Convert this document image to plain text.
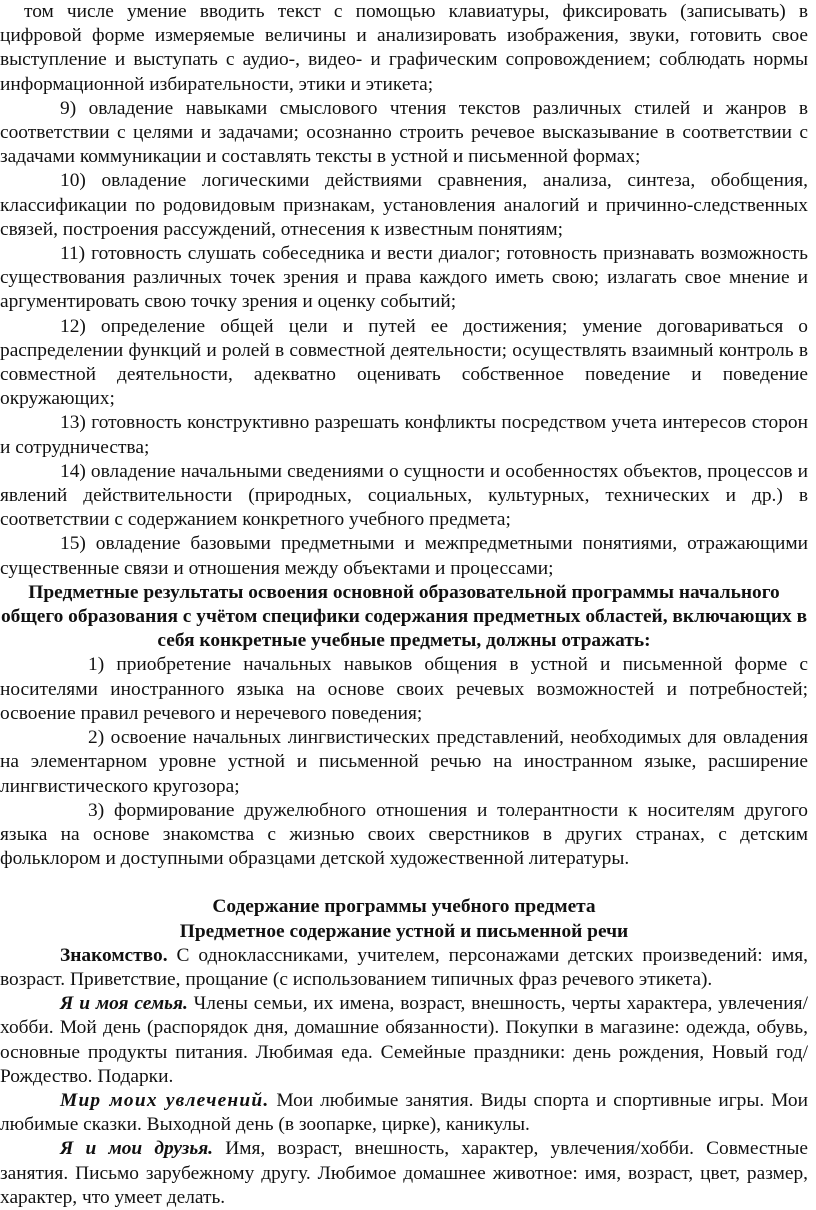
том числе умение вводить текст с помощью клавиатуры, фиксировать (записывать) в цифровой форме измеряемые величины и анализировать изображения, звуки, готовить свое выступление и выступать с аудио-, видео- и графическим сопровождением; соблюдать нормы информационной избирательности, этики и этикета;

9) овладение навыками смыслового чтения текстов различных стилей и жанров в соответствии с целями и задачами; осознанно строить речевое высказывание в соответствии с задачами коммуникации и составлять тексты в устной и письменной формах;

10) овладение логическими действиями сравнения, анализа, синтеза, обобщения, классификации по родовидовым признакам, установления аналогий и причинно-следственных связей, построения рассуждений, отнесения к известным понятиям;

11) готовность слушать собеседника и вести диалог; готовность признавать возможность существования различных точек зрения и права каждого иметь свою; излагать свое мнение и аргументировать свою точку зрения и оценку событий;

12) определение общей цели и путей ее достижения; умение договариваться о распределении функций и ролей в совместной деятельности; осуществлять взаимный контроль в совместной деятельности, адекватно оценивать собственное поведение и поведение окружающих;

13) готовность конструктивно разрешать конфликты посредством учета интересов сторон и сотрудничества;

14) овладение начальными сведениями о сущности и особенностях объектов, процессов и явлений действительности (природных, социальных, культурных, технических и др.) в соответствии с содержанием конкретного учебного предмета;

15) овладение базовыми предметными и межпредметными понятиями, отражающими существенные связи и отношения между объектами и процессами;

Предметные результаты освоения основной образовательной программы начального общего образования с учётом специфики содержания предметных областей, включающих в себя конкретные учебные предметы, должны отражать:

1) приобретение начальных навыков общения в устной и письменной форме с носителями иностранного языка на основе своих речевых возможностей и потребностей; освоение правил речевого и неречевого поведения;

2) освоение начальных лингвистических представлений, необходимых для овладения на элементарном уровне устной и письменной речью на иностранном языке, расширение лингвистического кругозора;

3) формирование дружелюбного отношения и толерантности к носителям другого языка на основе знакомства с жизнью своих сверстников в других странах, с детским фольклором и доступными образцами детской художественной литературы.

Содержание программы учебного предмета

Предметное содержание устной и письменной речи

Знакомство. С одноклассниками, учителем, персонажами детских произведений: имя, возраст. Приветствие, прощание (с использованием типичных фраз речевого этикета).

Я и моя семья. Члены семьи, их имена, возраст, внешность, черты характера, увлечения/хобби. Мой день (распорядок дня, домашние обязанности). Покупки в магазине: одежда, обувь, основные продукты питания. Любимая еда. Семейные праздники: день рождения, Новый год/Рождество. Подарки.

Мир моих увлечений. Мои любимые занятия. Виды спорта и спортивные игры. Мои любимые сказки. Выходной день (в зоопарке, цирке), каникулы.

Я и мои друзья. Имя, возраст, внешность, характер, увлечения/хобби. Совместные занятия. Письмо зарубежному другу. Любимое домашнее животное: имя, возраст, цвет, размер, характер, что умеет делать.
